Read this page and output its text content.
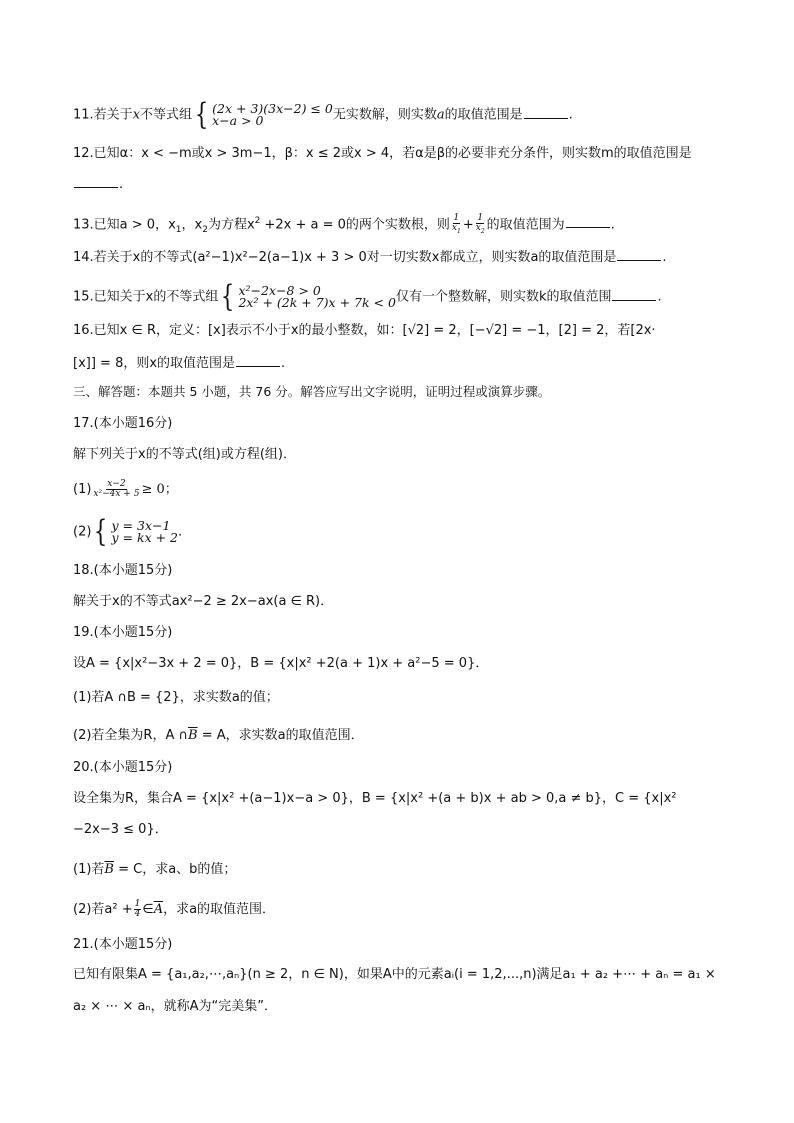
11.若关于x不等式组 { (2x + 3)(3x−2) ≤ 0
x−a > 0	无实数解，则实数a的取值范围是	.
12.已知α：x < −m或x > 3m−1，β：x ≤ 2或x > 4，若α是β的必要非充分条件，则实数m的取值范围是
.
13.已知a > 0，$x_1$，$x_2$为方程$x^2 +2x + a = 0$的两个实数根，则 $\frac{1}{x_1} + \frac{1}{x_2}$ 的取值范围为	.
14.若关于x的不等式(a²−1)x²−2(a−1)x + 3 > 0对一切实数x都成立，则实数a的取值范围是	.
15.已知关于x的不等式组 { x²−2x−8 > 0
2x² + (2k + 7)x + 7k < 0 仅有一个整数解，则实数k的取值范围	.
16.已知x ∈ R，定义：[x]表示不小于x的最小整数，如：[√2] = 2，[−√2] = −1，[2] = 2，若[2x·
[x]] = 8，则x的取值范围是	.
三、解答题：本题共 5 小题，共 76 分。解答应写出文字说明，证明过程或演算步骤。
17.(本小题16分)
解下列关于x的不等式(组)或方程(组)．
$(1) \frac{x-2}{\text{x²−4x + 5}} \ge 0$；
(2) { y = 3x−1
y = kx + 2 .
18.(本小题15分)
解关于x的不等式ax²−2 ≥ 2x−ax(a ∈ R)．
19.(本小题15分)
设A = {x|x²−3x + 2 = 0}，B = {x|x² +2(a + 1)x + a²−5 = 0}．
(1)若A ∩B = {2}，求实数a的值；
(2)若全集为R，A $\cap\overline{B} = A$，求实数a的取值范围．
20.(本小题15分)
设全集为R，集合A = {x|x² +(a−1)x−a > 0}，B = {x|x² +(a + b)x + ab > 0,a ≠ b}，C = {x|x²
−2x−3 ≤ 0}．
(1)若$\overline{B} = C$，求a、b的值；
(2)若$a^2 + \frac{1}{4}$ $\in\overline{A}$，求a的取值范围．
21.(本小题15分)
已知有限集A = {a₁,a₂,⋯,aₙ}(n ≥ 2，n ∈ N)，如果A中的元素aᵢ(i = 1,2,...,n)满足a₁ + a₂ +⋯ + aₙ = a₁ ×
a₂ × ⋯ × aₙ，就称A为“完美集”．
